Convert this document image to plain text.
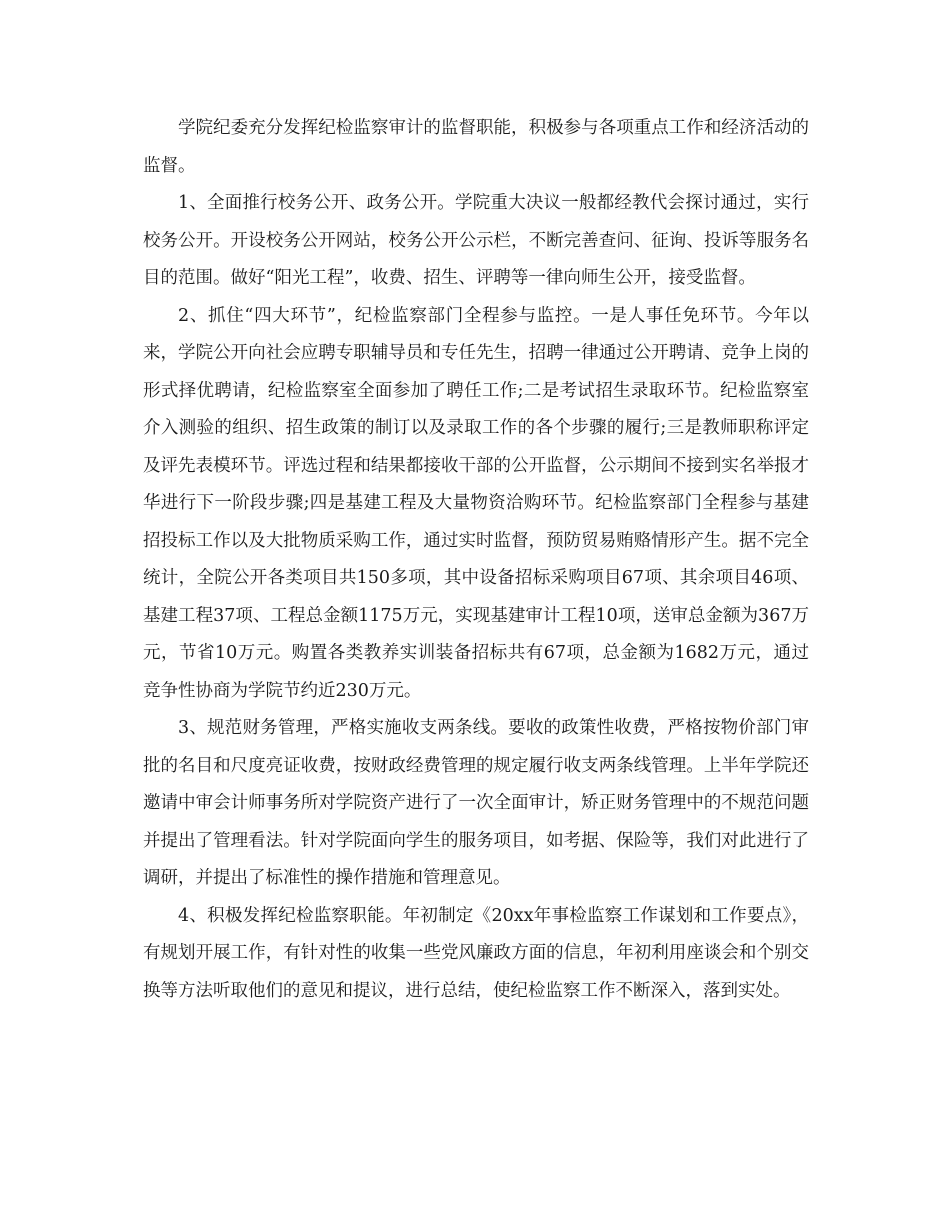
学院纪委充分发挥纪检监察审计的监督职能，积极参与各项重点工作和经济活动的监督。

1、全面推行校务公开、政务公开。学院重大决议一般都经教代会探讨通过，实行校务公开。开设校务公开网站，校务公开公示栏，不断完善查问、征询、投诉等服务名目的范围。做好“阳光工程”，收费、招生、评聘等一律向师生公开，接受监督。

2、抓住“四大环节”，纪检监察部门全程参与监控。一是人事任免环节。今年以来，学院公开向社会应聘专职辅导员和专任先生，招聘一律通过公开聘请、竞争上岗的形式择优聘请，纪检监察室全面参加了聘任工作;二是考试招生录取环节。纪检监察室介入测验的组织、招生政策的制订以及录取工作的各个步骤的履行;三是教师职称评定及评先表模环节。评选过程和结果都接收干部的公开监督，公示期间不接到实名举报才华进行下一阶段步骤;四是基建工程及大量物资洽购环节。纪检监察部门全程参与基建招投标工作以及大批物质采购工作，通过实时监督，预防贸易贿赂情形产生。据不完全统计，全院公开各类项目共150多项，其中设备招标采购项目67项、其余项目46项、基建工程37项、工程总金额1175万元，实现基建审计工程10项，送审总金额为367万元，节省10万元。购置各类教养实训装备招标共有67项，总金额为1682万元，通过竞争性协商为学院节约近230万元。

3、规范财务管理，严格实施收支两条线。要收的政策性收费，严格按物价部门审批的名目和尺度亮证收费，按财政经费管理的规定履行收支两条线管理。上半年学院还邀请中审会计师事务所对学院资产进行了一次全面审计，矫正财务管理中的不规范问题并提出了管理看法。针对学院面向学生的服务项目，如考据、保险等，我们对此进行了调研，并提出了标准性的操作措施和管理意见。

4、积极发挥纪检监察职能。年初制定《20xx年事检监察工作谋划和工作要点》，有规划开展工作，有针对性的收集一些党风廉政方面的信息，年初利用座谈会和个别交换等方法听取他们的意见和提议，进行总结，使纪检监察工作不断深入，落到实处。
